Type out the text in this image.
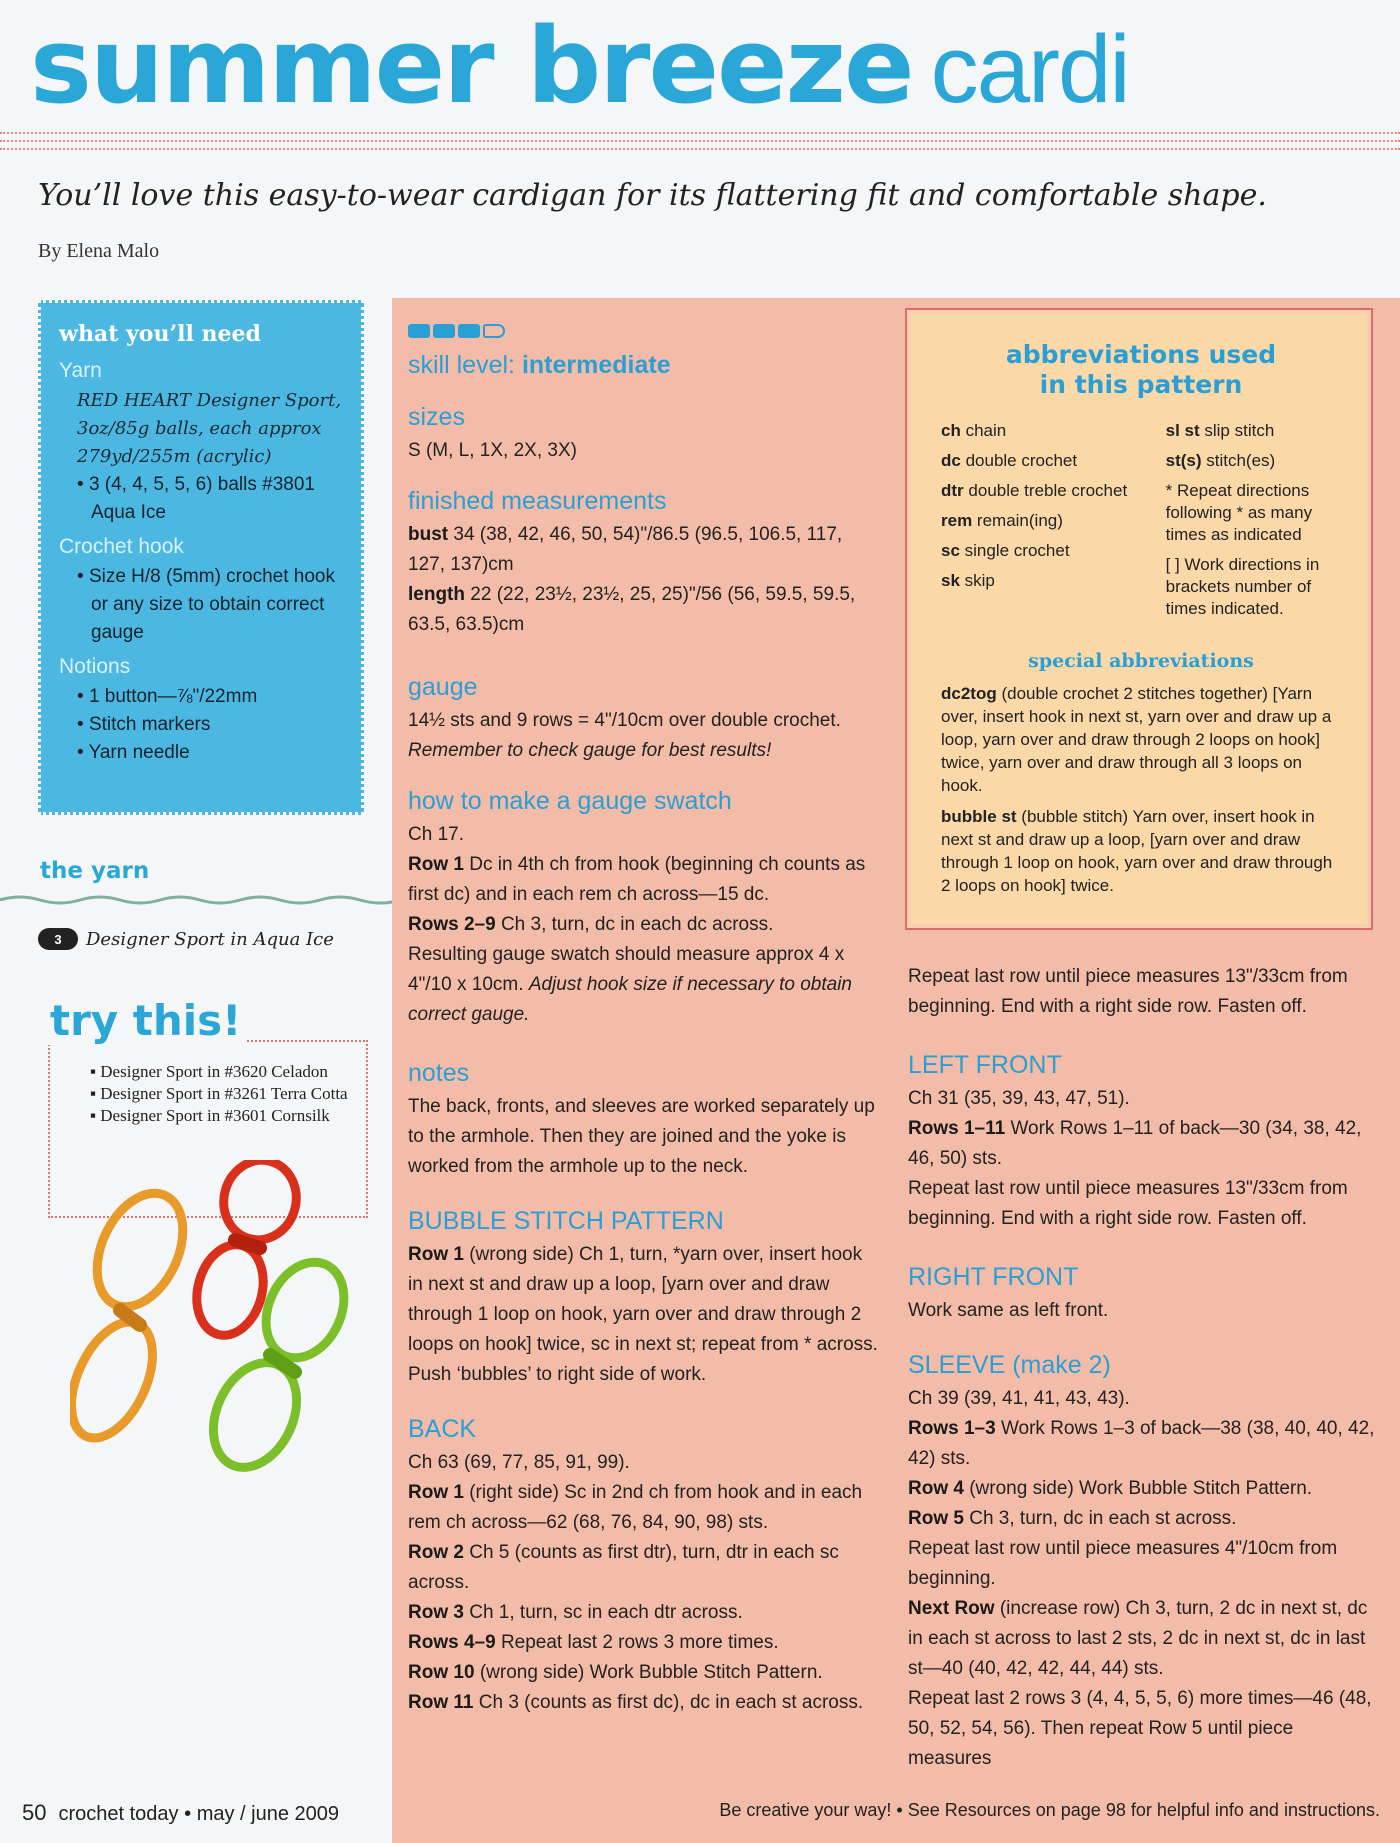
summer breeze cardi

You’ll love this easy-to-wear cardigan for its flattering fit and comfortable shape.

By Elena Malo
what you’ll need
Yarn
RED HEART Designer Sport,
3oz/85g balls, each approx
279yd/255m (acrylic)
• 3 (4, 4, 5, 5, 6) balls #3801 Aqua Ice
Crochet hook
• Size H/8 (5mm) crochet hook or any size to obtain correct gauge
Notions
• 1 button—⅞"/22mm
• Stitch markers
• Yarn needle
the yarn
3	Designer Sport in Aqua Ice
▪ Designer Sport in #3620 Celadon
▪ Designer Sport in #3261 Terra Cotta
▪ Designer Sport in #3601 Cornsilk
try this!
skill level: intermediate
sizes

S (M, L, 1X, 2X, 3X)

finished measurements

bust 34 (38, 42, 46, 50, 54)"/86.5 (96.5, 106.5, 117, 127, 137)cm

length 22 (22, 23½, 23½, 25, 25)"/56 (56, 59.5, 59.5, 63.5, 63.5)cm

gauge

14½ sts and 9 rows = 4"/10cm over double crochet.

Remember to check gauge for best results!

how to make a gauge swatch

Ch 17.

Row 1 Dc in 4th ch from hook (beginning ch counts as first dc) and in each rem ch across—15 dc.

Rows 2–9 Ch 3, turn, dc in each dc across.

Resulting gauge swatch should measure approx 4 x 4"/10 x 10cm. Adjust hook size if necessary to obtain correct gauge.

notes

The back, fronts, and sleeves are worked separately up to the armhole. Then they are joined and the yoke is worked from the armhole up to the neck.

BUBBLE STITCH PATTERN

Row 1 (wrong side) Ch 1, turn, *yarn over, insert hook in next st and draw up a loop, [yarn over and draw through 1 loop on hook, yarn over and draw through 2 loops on hook] twice, sc in next st; repeat from * across. Push ‘bubbles’ to right side of work.

BACK

Ch 63 (69, 77, 85, 91, 99).

Row 1 (right side) Sc in 2nd ch from hook and in each rem ch across—62 (68, 76, 84, 90, 98) sts.

Row 2 Ch 5 (counts as first dtr), turn, dtr in each sc across.

Row 3 Ch 1, turn, sc in each dtr across.

Rows 4–9 Repeat last 2 rows 3 more times.

Row 10 (wrong side) Work Bubble Stitch Pattern.

Row 11 Ch 3 (counts as first dc), dc in each st across.

abbreviations used
in this pattern
ch chain
dc double crochet
dtr double treble crochet
rem remain(ing)
sc single crochet
sk skip
sl st slip stitch
st(s) stitch(es)
* Repeat directions following * as many times as indicated
[ ] Work directions in brackets number of times indicated.
special abbreviations
dc2tog (double crochet 2 stitches together) [Yarn over, insert hook in next st, yarn over and draw up a loop, yarn over and draw through 2 loops on hook] twice, yarn over and draw through all 3 loops on hook.
bubble st (bubble stitch) Yarn over, insert hook in next st and draw up a loop, [yarn over and draw through 1 loop on hook, yarn over and draw through 2 loops on hook] twice.

Repeat last row until piece measures 13"/33cm from beginning. End with a right side row. Fasten off.

LEFT FRONT

Ch 31 (35, 39, 43, 47, 51).

Rows 1–11 Work Rows 1–11 of back—30 (34, 38, 42, 46, 50) sts.

Repeat last row until piece measures 13"/33cm from beginning. End with a right side row. Fasten off.

RIGHT FRONT

Work same as left front.

SLEEVE (make 2)

Ch 39 (39, 41, 41, 43, 43).

Rows 1–3 Work Rows 1–3 of back—38 (38, 40, 40, 42, 42) sts.

Row 4 (wrong side) Work Bubble Stitch Pattern.

Row 5 Ch 3, turn, dc in each st across.

Repeat last row until piece measures 4"/10cm from beginning.

Next Row (increase row) Ch 3, turn, 2 dc in next st, dc in each st across to last 2 sts, 2 dc in next st, dc in last st—40 (40, 42, 42, 44, 44) sts.

Repeat last 2 rows 3 (4, 4, 5, 5, 6) more times—46 (48, 50, 52, 54, 56). Then repeat Row 5 until piece measures

50 crochet today • may / june 2009	Be creative your way! • See Resources on page 98 for helpful info and instructions.
